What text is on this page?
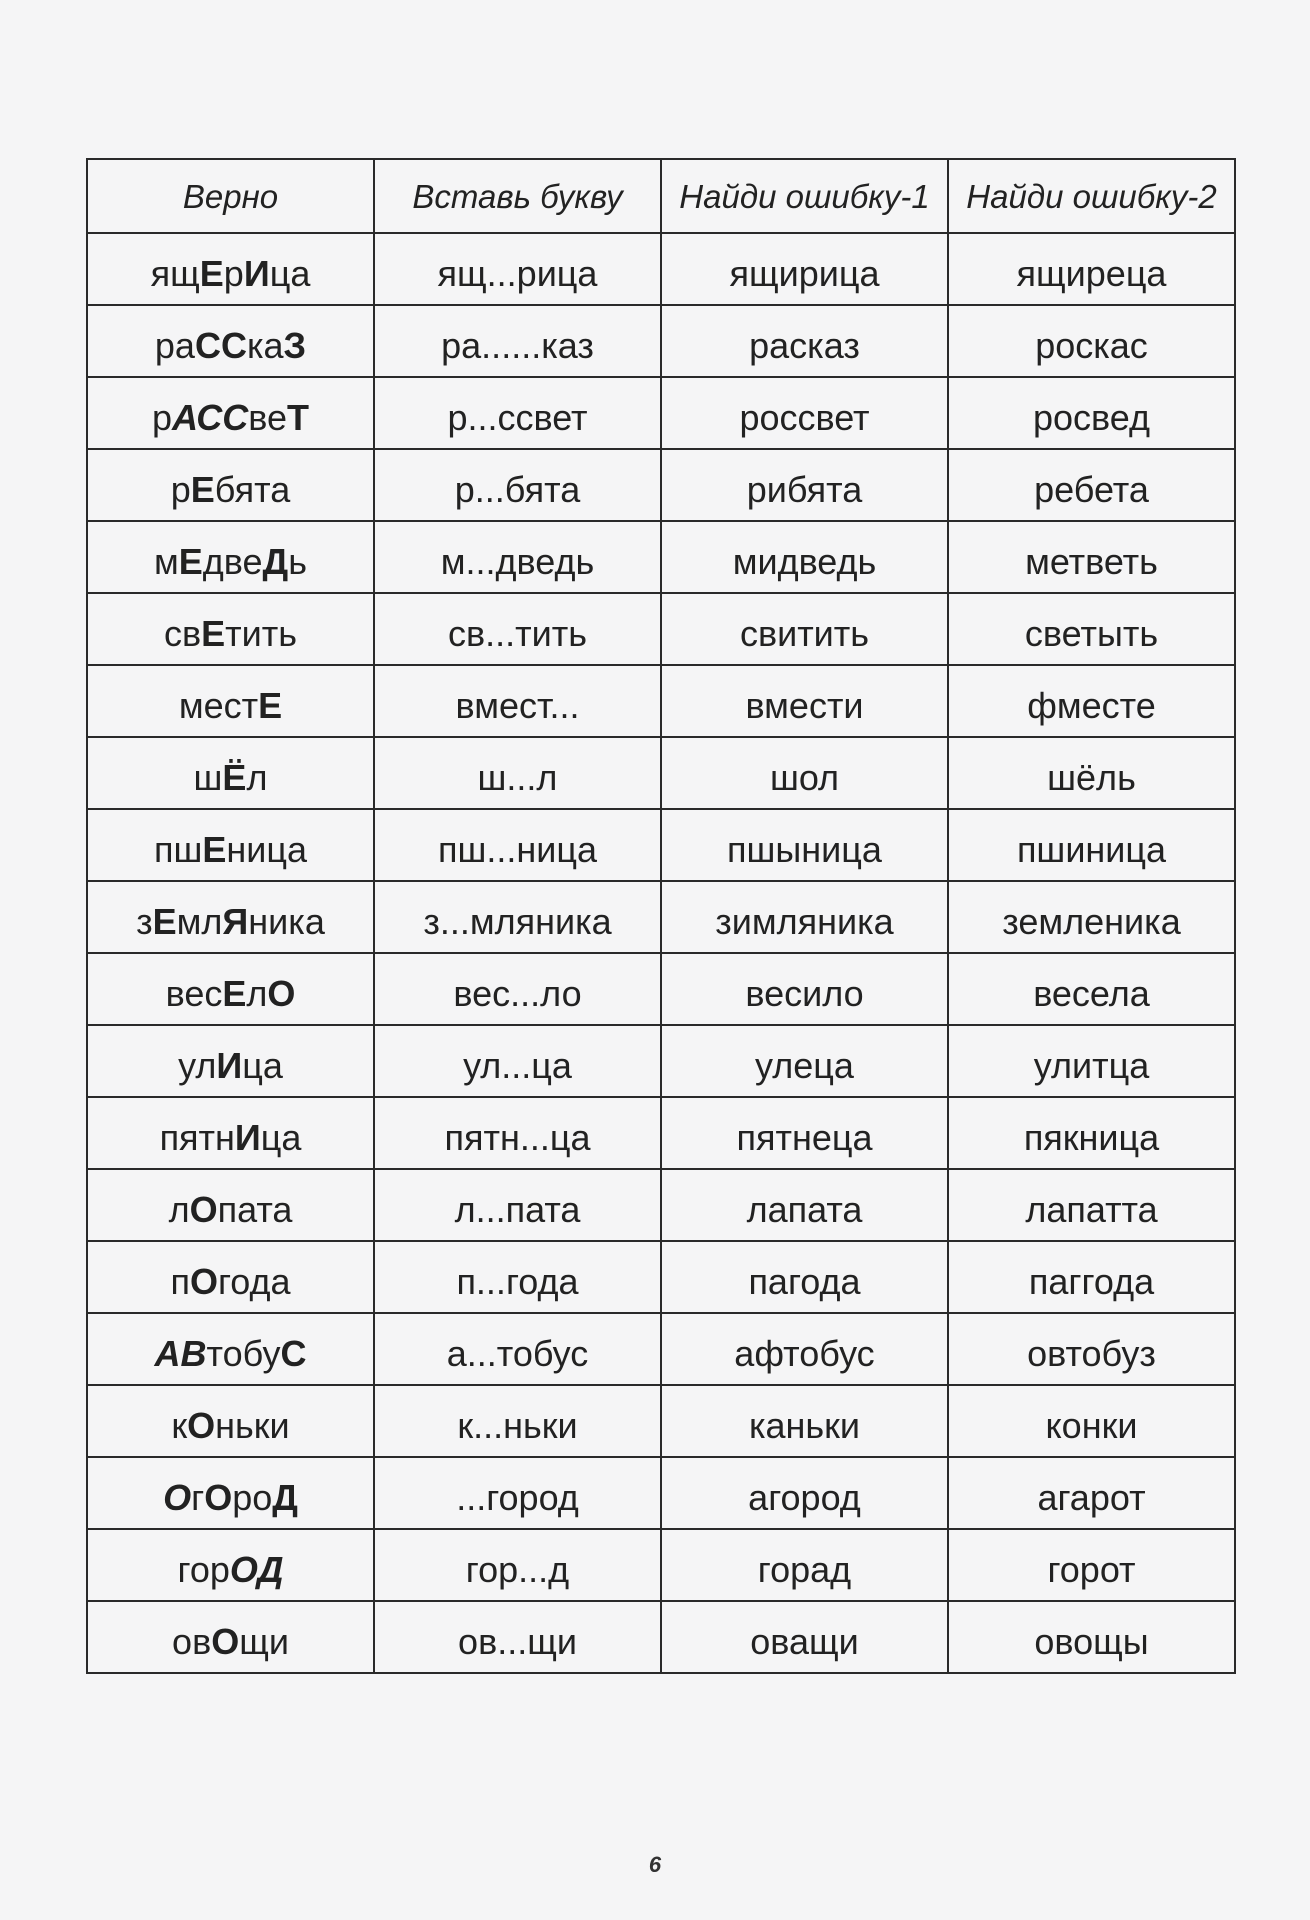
Верно	Вставь букву	Найди ошибку-1	Найди ошибку-2
ящЕрИца	ящ...рица	ящирица	ящиреца
раССкаЗ	ра......каз	расказ	роскас
рАССвеТ	р...ссвет	россвет	росвед
рЕбята	р...бята	рибята	ребета
мЕдвеДь	м...дведь	мидведь	метветь
свЕтить	св...тить	свитить	светыть
местЕ	вмест...	вмести	фместе
шЁл	ш...л	шол	шёль
пшЕница	пш...ница	пшыница	пшиница
зЕмлЯника	з...мляника	зимляника	земленика
весЕлО	вес...ло	весило	весела
улИца	ул...ца	улеца	улитца
пятнИца	пятн...ца	пятнеца	пякница
лОпата	л...пата	лапата	лапатта
пОгода	п...года	пагода	паггода
АВтобуС	а...тобус	афтобус	овтобуз
кОньки	к...ньки	каньки	конки
ОгОроД	...город	агород	агарот
горОД	гор...д	горад	горот
овОщи	ов...щи	оващи	овощы
6
